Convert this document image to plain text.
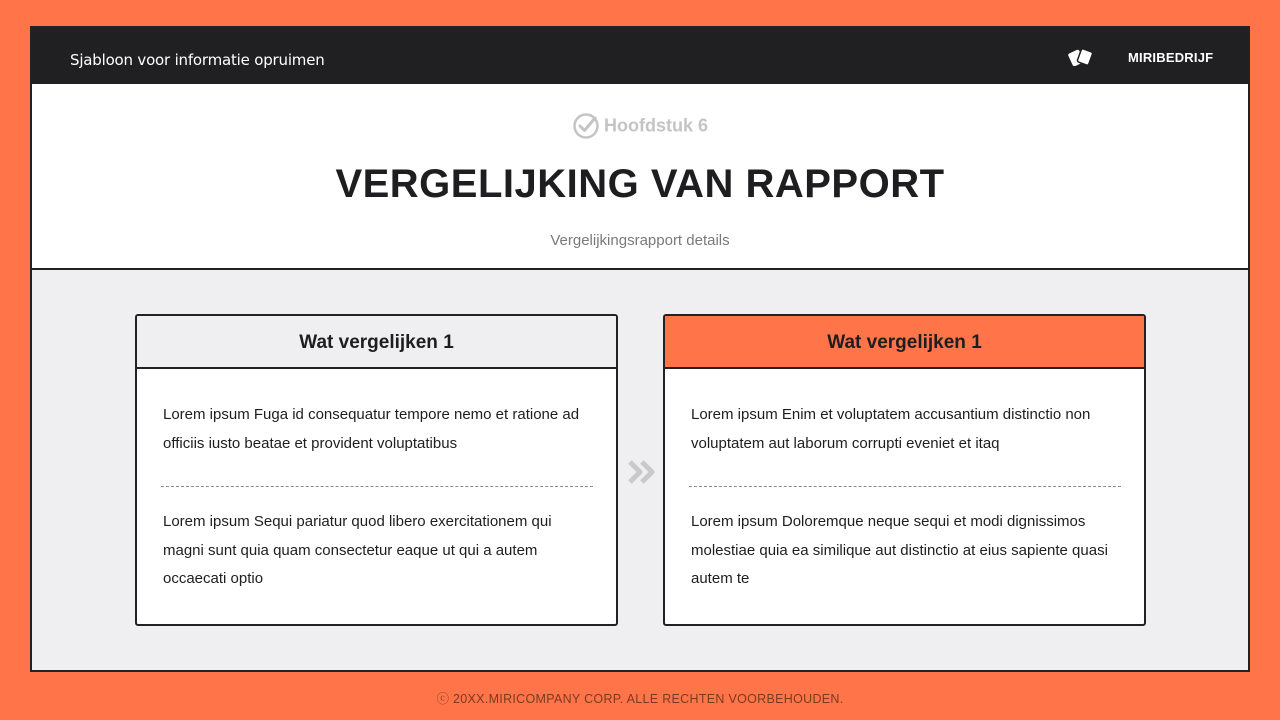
Sjabloon voor informatie opruimen	MIRIBEDRIJF
Hoofdstuk 6
VERGELIJKING VAN RAPPORT
Vergelijkingsrapport details
Wat vergelijken 1
Lorem ipsum Fuga id consequatur tempore nemo et ratione ad officiis iusto beatae et provident voluptatibus
Lorem ipsum Sequi pariatur quod libero exercitationem qui magni sunt quia quam consectetur eaque ut qui a autem occaecati optio
Wat vergelijken 1
Lorem ipsum Enim et voluptatem accusantium distinctio non voluptatem aut laborum corrupti eveniet et itaq
Lorem ipsum Doloremque neque sequi et modi dignissimos molestiae quia ea similique aut distinctio at eius sapiente quasi autem te
ⓒ 20XX.MIRICOMPANY CORP. ALLE RECHTEN VOORBEHOUDEN.
